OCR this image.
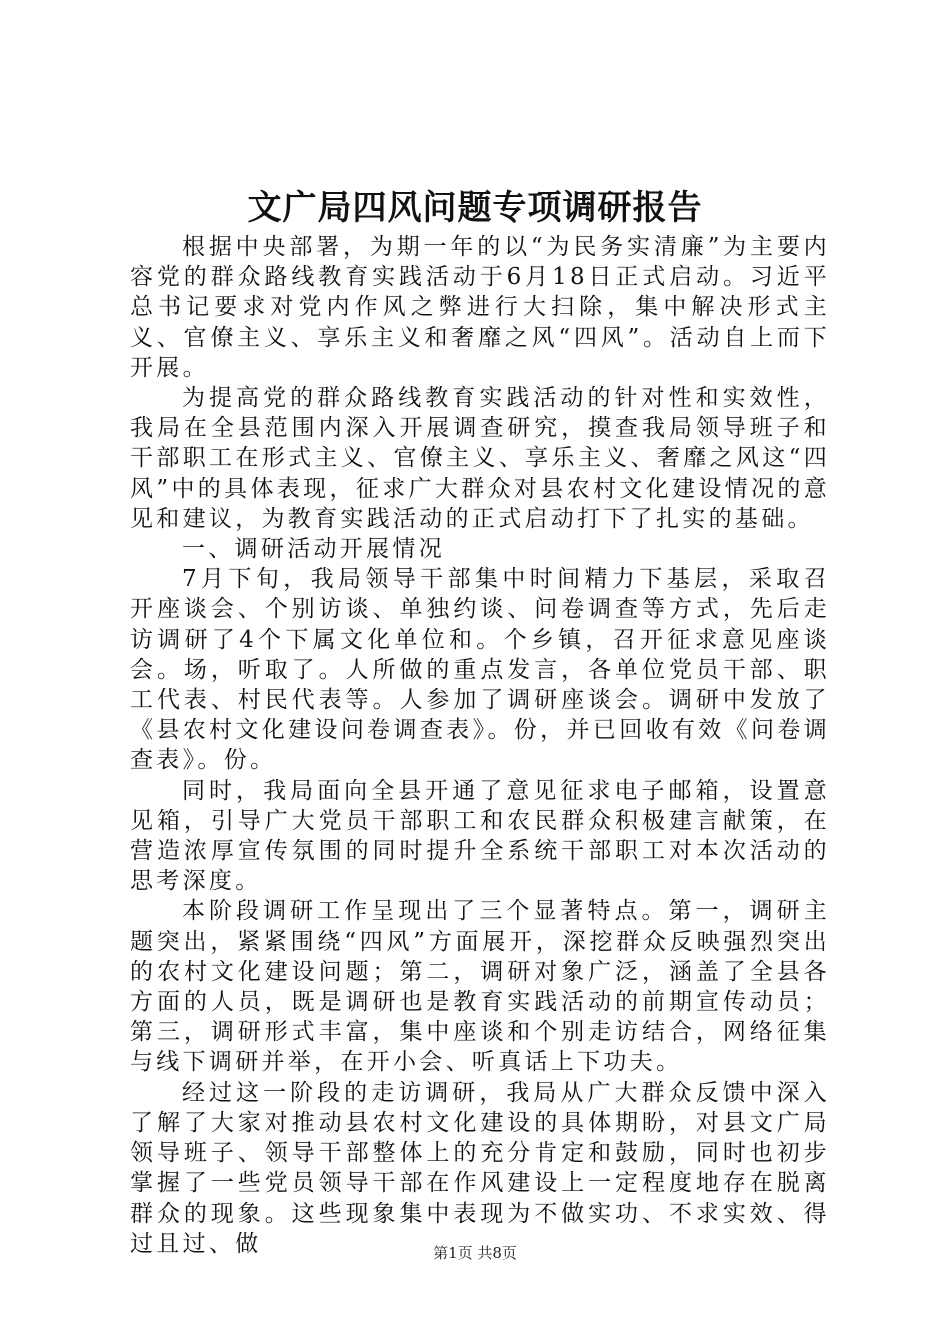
文广局四风问题专项调研报告

根据中央部署，为期一年的以“为民务实清廉”为主要内容党的群众路线教育实践活动于6月18日正式启动。习近平总书记要求对党内作风之弊进行大扫除，集中解决形式主义、官僚主义、享乐主义和奢靡之风“四风”。活动自上而下开展。

为提高党的群众路线教育实践活动的针对性和实效性，我局在全县范围内深入开展调查研究，摸查我局领导班子和干部职工在形式主义、官僚主义、享乐主义、奢靡之风这“四风”中的具体表现，征求广大群众对县农村文化建设情况的意见和建议，为教育实践活动的正式启动打下了扎实的基础。

一、调研活动开展情况

7月下旬，我局领导干部集中时间精力下基层，采取召开座谈会、个别访谈、单独约谈、问卷调查等方式，先后走访调研了4个下属文化单位和。个乡镇，召开征求意见座谈会。场，听取了。人所做的重点发言，各单位党员干部、职工代表、村民代表等。人参加了调研座谈会。调研中发放了《县农村文化建设问卷调查表》。份，并已回收有效《问卷调查表》。份。

同时，我局面向全县开通了意见征求电子邮箱，设置意见箱，引导广大党员干部职工和农民群众积极建言献策，在营造浓厚宣传氛围的同时提升全系统干部职工对本次活动的思考深度。

本阶段调研工作呈现出了三个显著特点。第一，调研主题突出，紧紧围绕“四风”方面展开，深挖群众反映强烈突出的农村文化建设问题；第二，调研对象广泛，涵盖了全县各方面的人员，既是调研也是教育实践活动的前期宣传动员；第三，调研形式丰富，集中座谈和个别走访结合，网络征集与线下调研并举，在开小会、听真话上下功夫。

经过这一阶段的走访调研，我局从广大群众反馈中深入了解了大家对推动县农村文化建设的具体期盼，对县文广局领导班子、领导干部整体上的充分肯定和鼓励，同时也初步掌握了一些党员领导干部在作风建设上一定程度地存在脱离群众的现象。这些现象集中表现为不做实功、不求实效、得过且过、做	第1页 共8页
